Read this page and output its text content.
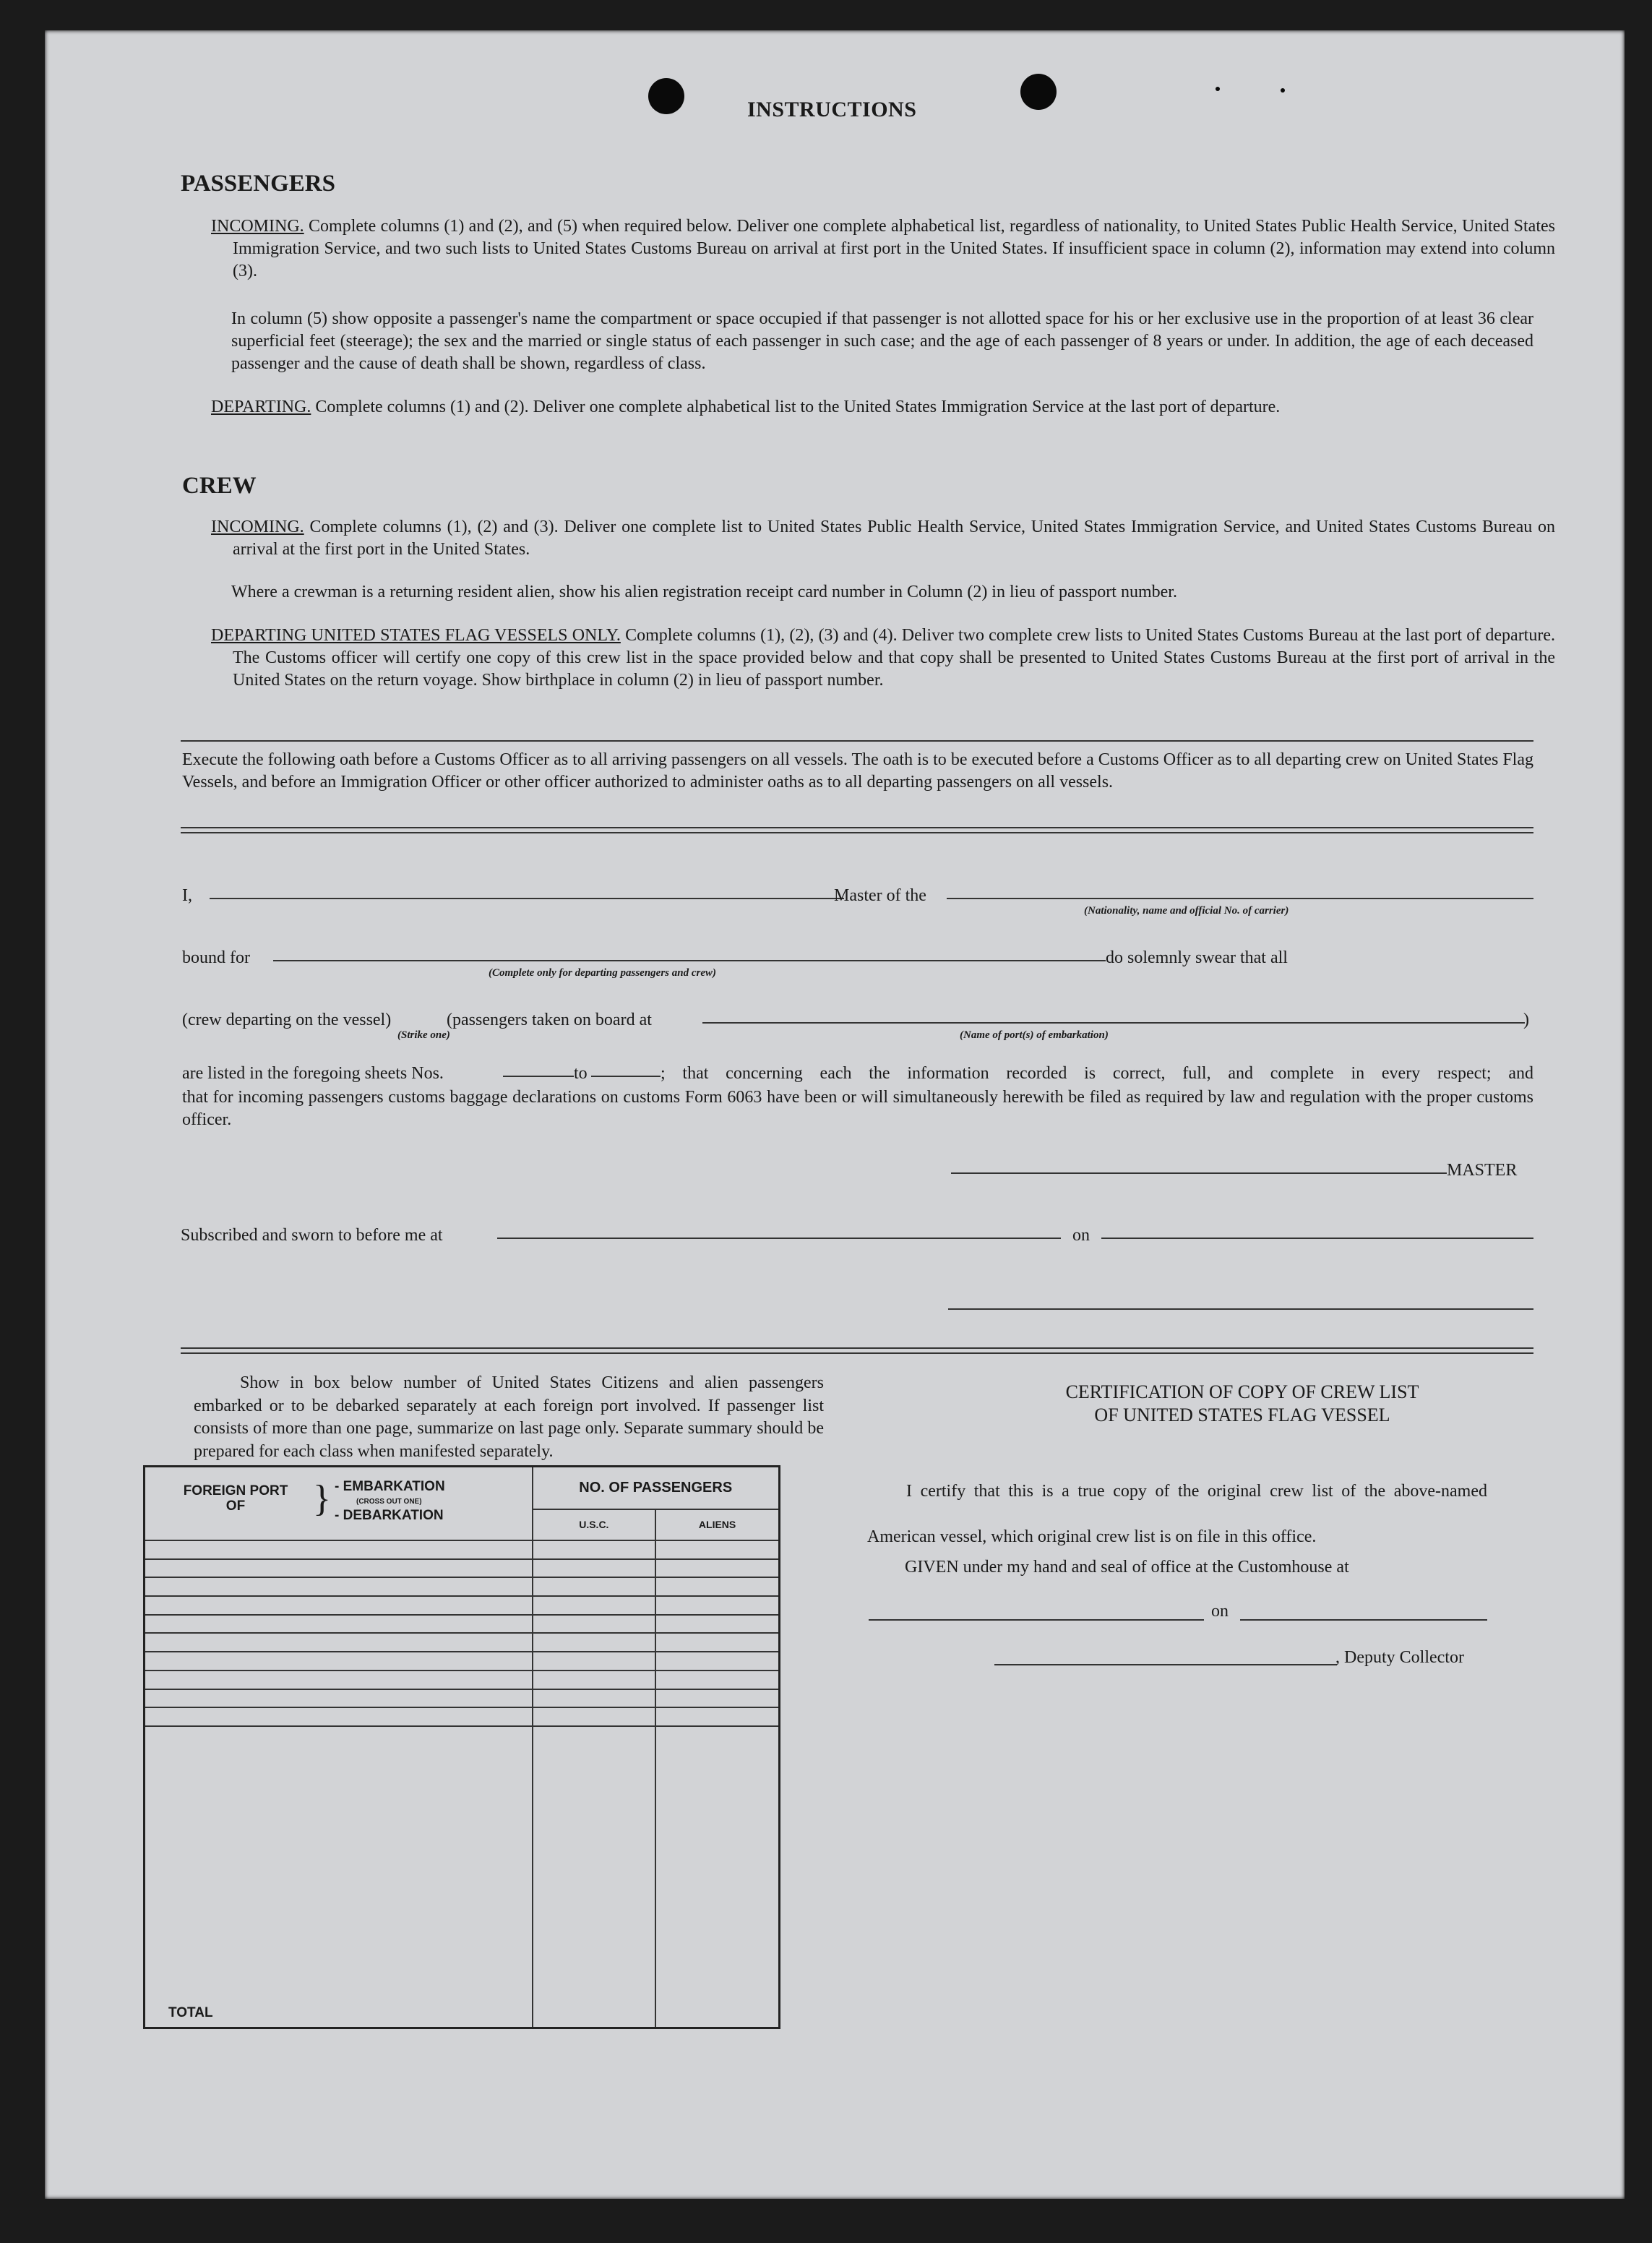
INSTRUCTIONS
PASSENGERS
INCOMING. Complete columns (1) and (2), and (5) when required below. Deliver one complete alphabetical list, regardless of nationality, to United States Public Health Service, United States Immigration Service, and two such lists to United States Customs Bureau on arrival at first port in the United States. If insufficient space in column (2), information may extend into column (3).
In column (5) show opposite a passenger's name the compartment or space occupied if that passenger is not allotted space for his or her exclusive use in the proportion of at least 36 clear superficial feet (steerage); the sex and the married or single status of each passenger in such case; and the age of each passenger of 8 years or under. In addition, the age of each deceased passenger and the cause of death shall be shown, regardless of class.
DEPARTING. Complete columns (1) and (2). Deliver one complete alphabetical list to the United States Immigration Service at the last port of departure.
CREW
INCOMING. Complete columns (1), (2) and (3). Deliver one complete list to United States Public Health Service, United States Immigration Service, and United States Customs Bureau on arrival at the first port in the United States.
Where a crewman is a returning resident alien, show his alien registration receipt card number in Column (2) in lieu of passport number.
DEPARTING UNITED STATES FLAG VESSELS ONLY. Complete columns (1), (2), (3) and (4). Deliver two complete crew lists to United States Customs Bureau at the last port of departure. The Customs officer will certify one copy of this crew list in the space provided below and that copy shall be presented to United States Customs Bureau at the first port of arrival in the United States on the return voyage. Show birthplace in column (2) in lieu of passport number.
Execute the following oath before a Customs Officer as to all arriving passengers on all vessels. The oath is to be executed before a Customs Officer as to all departing crew on United States Flag Vessels, and before an Immigration Officer or other officer authorized to administer oaths as to all departing passengers on all vessels.
I,	Master of the
(Nationality, name and official No. of carrier)
bound for
(Complete only for departing passengers and crew)
do solemnly swear that all
(crew departing on the vessel)
(Strike one)
(passengers taken on board at	)
(Name of port(s) of embarkation)
are listed in the foregoing sheets Nos.	to	; that concerning each the information recorded is correct, full, and complete in every respect; and
that for incoming passengers customs baggage declarations on customs Form 6063 have been or will simultaneously herewith be filed as required by law and regulation with the proper customs officer.
MASTER
Subscribed and sworn to before me at	on
Show in box below number of United States Citizens and alien passengers embarked or to be debarked separately at each foreign port involved. If passenger list consists of more than one page, summarize on last page only. Separate summary should be prepared for each class when manifested separately.
FOREIGN PORT OF } - EMBARKATION
(CROSS OUT ONE)
- DEBARKATION	NO. OF PASSENGERS	
	U.S.C.	ALIENS

TOTAL		
CERTIFICATION OF COPY OF CREW LIST
OF UNITED STATES FLAG VESSEL
I certify that this is a true copy of the original crew list of the above-named American vessel, which original crew list is on file in this office.
GIVEN under my hand and seal of office at the Customhouse at
on
, Deputy Collector
